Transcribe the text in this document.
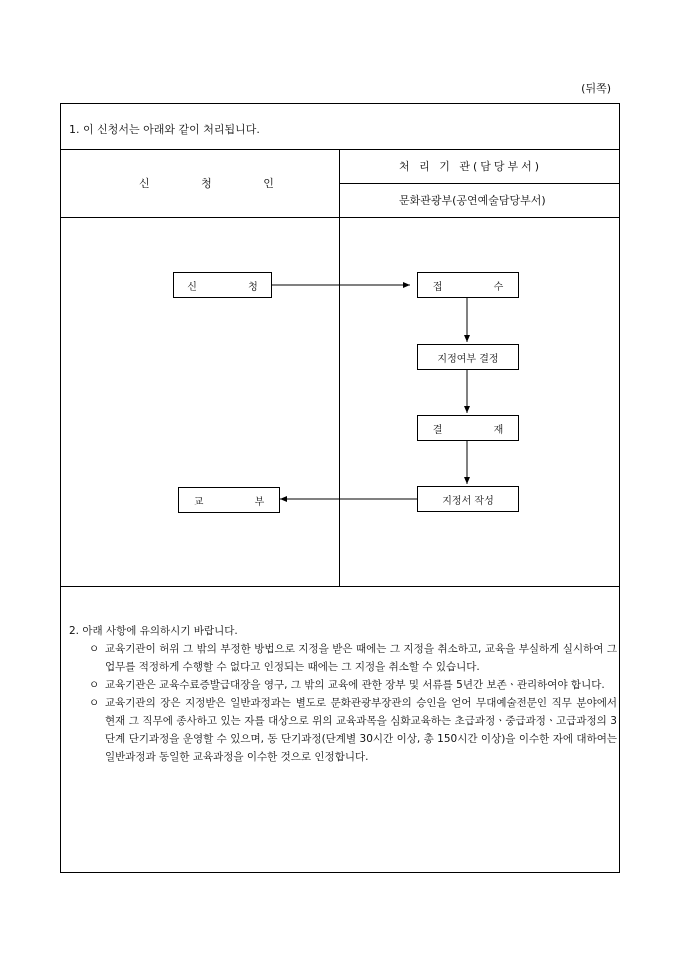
(뒤쪽)
1. 이 신청서는 아래와 같이 처리됩니다.
신 청 인
처 리 기 관(담당부서)
문화관광부(공연예술담당부서)
신 청	접 수
지정여부 결정
결 재
지정서 작성
교 부

2. 아래 사항에 유의하시기 바랍니다.

ㅇ 교육기관이 허위 그 밖의 부정한 방법으로 지정을 받은 때에는 그 지정을 취소하고, 교육을 부실하게 실시하여 그 업무를 적정하게 수행할 수 없다고 인정되는 때에는 그 지정을 취소할 수 있습니다.
ㅇ 교육기관은 교육수료증발급대장을 영구, 그 밖의 교육에 관한 장부 및 서류를 5년간 보존ㆍ관리하여야 합니다.
ㅇ 교육기관의 장은 지정받은 일반과정과는 별도로 문화관광부장관의 승인을 얻어 무대예술전문인 직무 분야에서 현재 그 직무에 종사하고 있는 자를 대상으로 위의 교육과목을 심화교육하는 초급과정ㆍ중급과정ㆍ고급과정의 3단계 단기과정을 운영할 수 있으며, 동 단기과정(단계별 30시간 이상, 총 150시간 이상)을 이수한 자에 대하여는 일반과정과 동일한 교육과정을 이수한 것으로 인정합니다.
